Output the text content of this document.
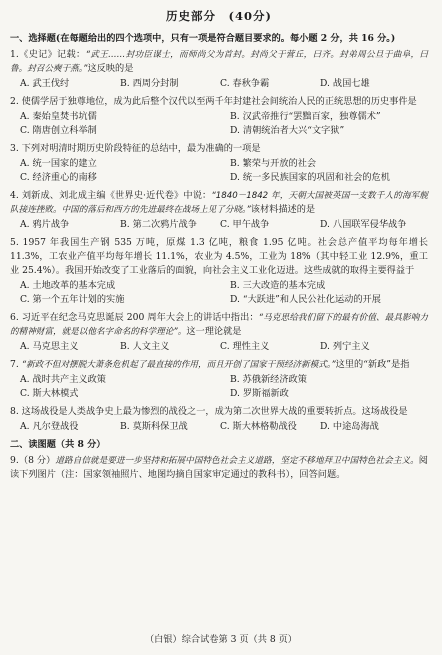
历史部分　(40分)
一、选择题(在每题给出的四个选项中，只有一项是符合题目要求的。每小题 2 分，共 16 分。)

1.《史记》记载：“武王……封功臣谋士，而师尚父为首封。封尚父于营丘，曰齐。封弟周公旦于曲阜，曰鲁。封召公奭于燕。”这反映的是

A. 武王伐纣	B. 西周分封制	C. 春秋争霸	D. 战国七雄

2. 使儒学居于独尊地位，成为此后整个汉代以至两千年封建社会间统治人民的正统思想的历史事件是

A. 秦始皇焚书坑儒	B. 汉武帝推行“罢黜百家，独尊儒术”
C. 隋唐创立科举制	D. 清朝统治者大兴“文字狱”

3. 下列对明清时期历史阶段特征的总结中，最为准确的一项是

A. 统一国家的建立	B. 繁荣与开放的社会
C. 经济重心的南移	D. 统一多民族国家的巩固和社会的危机

4. 刘新成、刘北成主编《世界史·近代卷》中说：“1840－1842 年，天朝大国被英国一支数千人的海军舰队接连挫败。中国的落后和西方的先进最终在战场上见了分晓。”该材料描述的是

A. 鸦片战争	B. 第二次鸦片战争	C. 甲午战争	D. 八国联军侵华战争

5. 1957 年我国生产钢 535 万吨，原煤 1.3 亿吨，粮食 1.95 亿吨。社会总产值平均每年增长 11.3%，工农业产值平均每年增长 11.1%，农业为 4.5%，工业为 18%（其中轻工业 12.9%，重工业 25.4%）。我国开始改变了工业落后的面貌，向社会主义工业化迈进。这些成就的取得主要得益于

A. 土地改革的基本完成	B. 三大改造的基本完成
C. 第一个五年计划的实施	D. “大跃进”和人民公社化运动的开展

6. 习近平在纪念马克思诞辰 200 周年大会上的讲话中指出：“马克思给我们留下的最有价值、最具影响力的精神财富，就是以他名字命名的科学理论”。这一理论就是

A. 马克思主义	B. 人文主义	C. 理性主义	D. 列宁主义

7. “新政不但对摆脱大萧条危机起了最直接的作用，而且开创了国家干预经济新模式。”这里的“新政”是指

A. 战时共产主义政策	B. 苏俄新经济政策
C. 斯大林模式	D. 罗斯福新政

8. 这场战役是人类战争史上最为惨烈的战役之一，成为第二次世界大战的重要转折点。这场战役是

A. 凡尔登战役	B. 莫斯科保卫战	C. 斯大林格勒战役	D. 中途岛海战
二、读图题（共 8 分）

9.（8 分）道路自信就是要进一步坚持和拓展中国特色社会主义道路，坚定不移地拜卫中国特色社会主义。阅读下列图片（注：国家领袖照片、地图均摘自国家审定通过的教科书），回答问题。

（白银）综合试卷第 3 页（共 8 页）
